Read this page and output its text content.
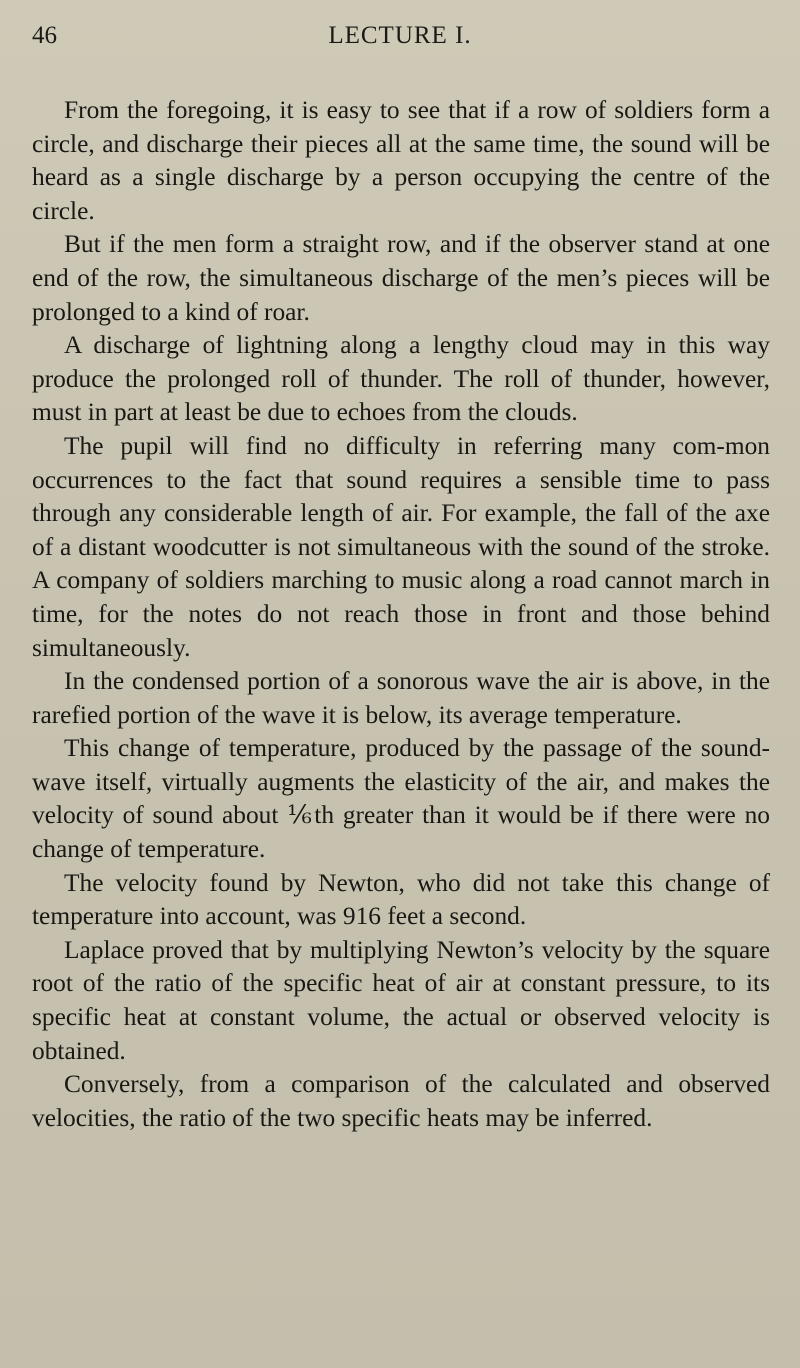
46	LECTURE I.

From the foregoing, it is easy to see that if a row of soldiers form a circle, and discharge their pieces all at the same time, the sound will be heard as a single discharge by a person occupying the centre of the circle.

But if the men form a straight row, and if the observer stand at one end of the row, the simultaneous discharge of the men’s pieces will be prolonged to a kind of roar.

A discharge of lightning along a lengthy cloud may in this way produce the prolonged roll of thunder. The roll of thunder, however, must in part at least be due to echoes from the clouds.

The pupil will find no difficulty in referring many com-mon occurrences to the fact that sound requires a sensible time to pass through any considerable length of air. For example, the fall of the axe of a distant woodcutter is not simultaneous with the sound of the stroke. A company of soldiers marching to music along a road cannot march in time, for the notes do not reach those in front and those behind simultaneously.

In the condensed portion of a sonorous wave the air is above, in the rarefied portion of the wave it is below, its average temperature.

This change of temperature, produced by the passage of the sound-wave itself, virtually augments the elasticity of the air, and makes the velocity of sound about ⅙th greater than it would be if there were no change of temperature.

The velocity found by Newton, who did not take this change of temperature into account, was 916 feet a second.

Laplace proved that by multiplying Newton’s velocity by the square root of the ratio of the specific heat of air at constant pressure, to its specific heat at constant volume, the actual or observed velocity is obtained.

Conversely, from a comparison of the calculated and observed velocities, the ratio of the two specific heats may be inferred.
